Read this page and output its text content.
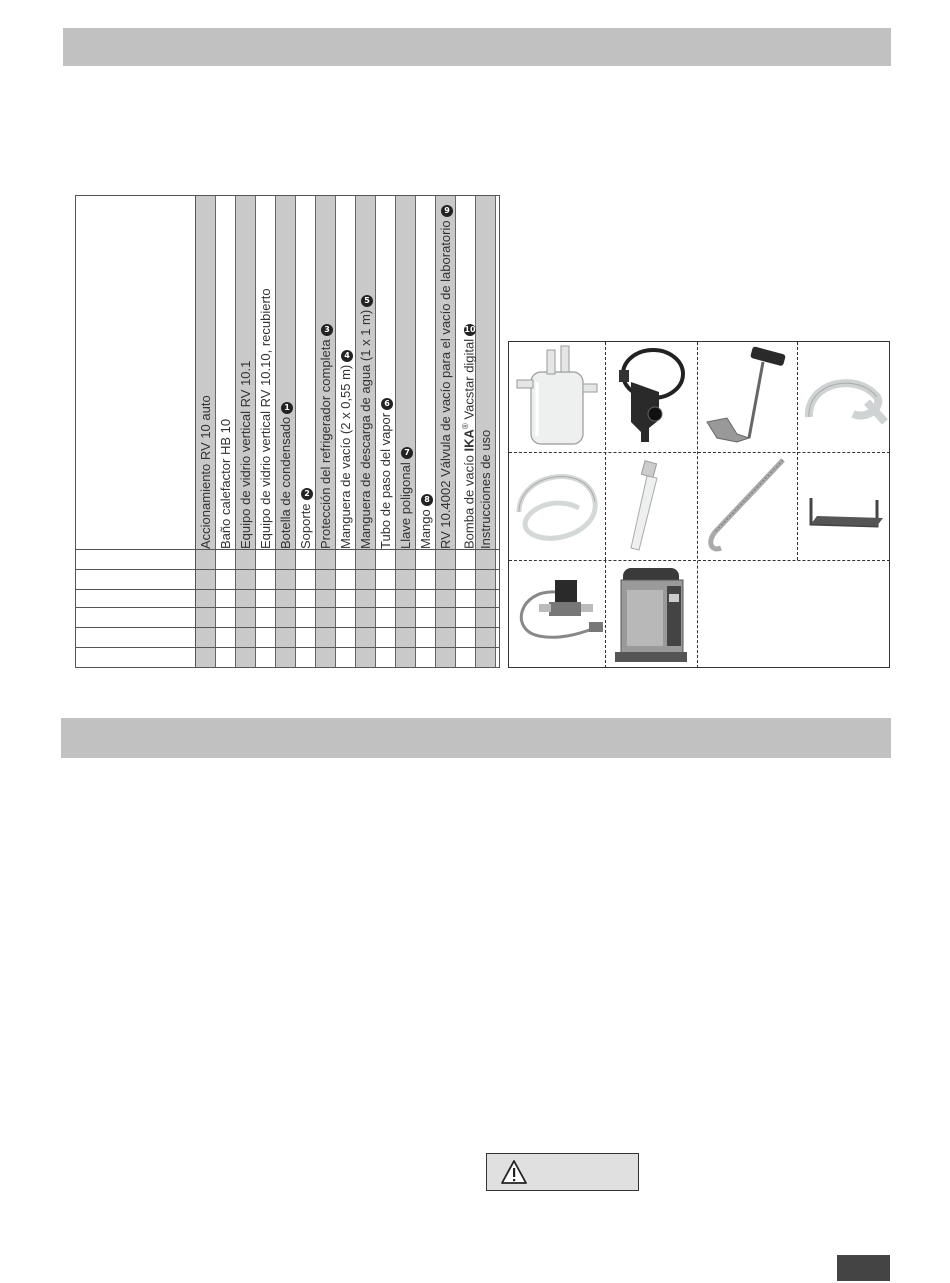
Accionamiento RV 10 auto Baño calefactor HB 10 Equipo de vidrio vertical RV 10.1 Equipo de vidrio vertical RV 10.10, recubierto Botella de condensado1
Soporte2 Protección del refrigerador completa3
Manguera de vacío (2 x 0,55 m)4 Manguera de descarga de agua (1 x 1 m)5
Tubo de paso del vapor6
Llave poligonal7
Mango8 RV 10.4002 Válvula de vacío para el vacío de laboratorio9
Bomba de vacío IKA® Vacstar digital10
Instrucciones de uso
